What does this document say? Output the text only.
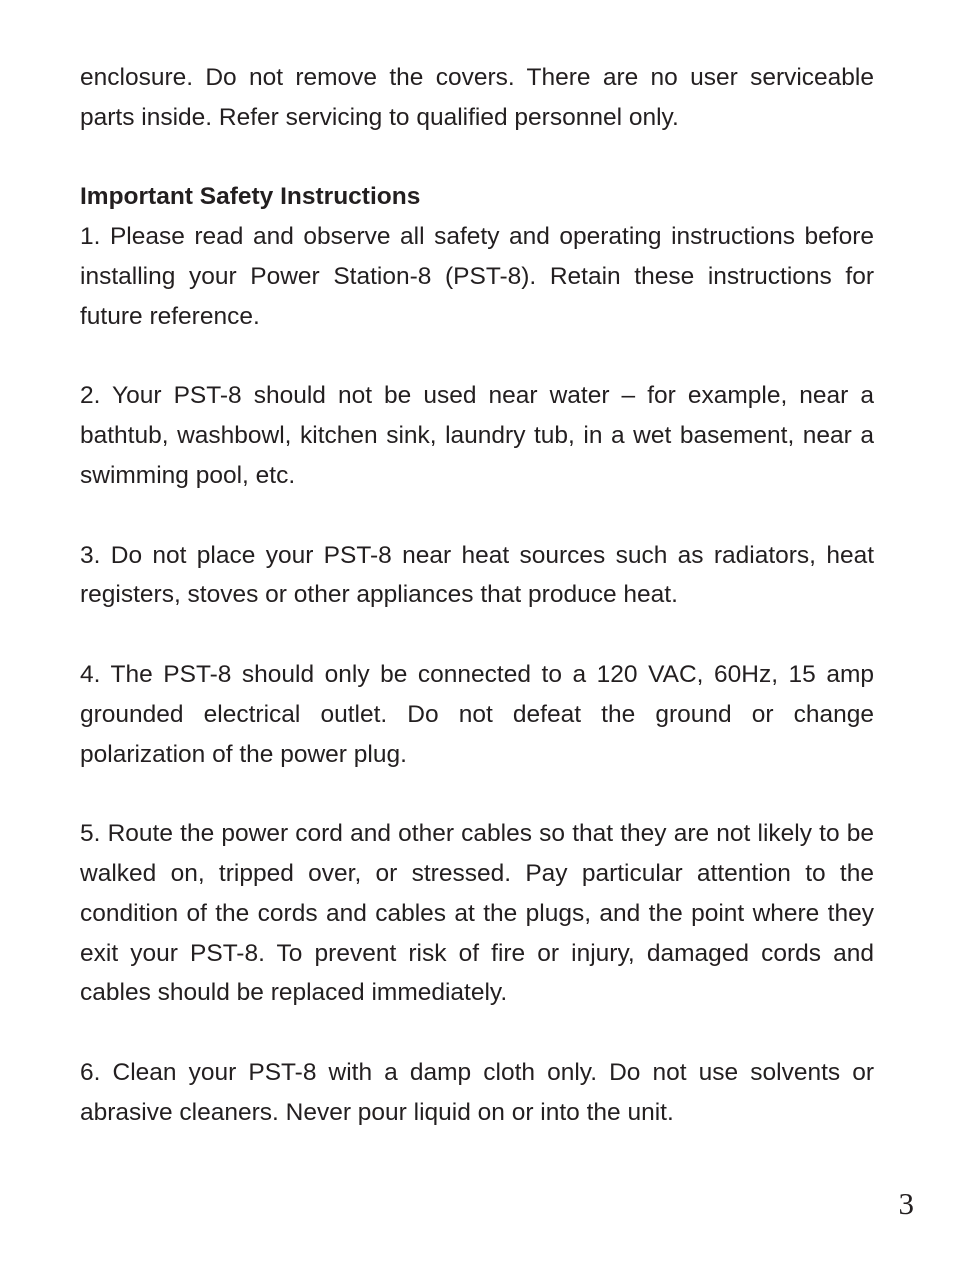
enclosure. Do not remove the covers. There are no user serviceable parts inside. Refer servicing to qualified personnel only.

Important Safety Instructions

1. Please read and observe all safety and operating instructions before installing your Power Station-8 (PST-8). Retain these instructions for future reference.

2. Your PST-8 should not be used near water – for example, near a bathtub, washbowl, kitchen sink, laundry tub, in a wet basement, near a swimming pool, etc.

3. Do not place your PST-8 near heat sources such as radiators, heat registers, stoves or other appliances that produce heat.

4. The PST-8 should only be connected to a 120 VAC, 60Hz, 15 amp grounded electrical outlet. Do not defeat the ground or change polarization of the power plug.

5. Route the power cord and other cables so that they are not likely to be walked on, tripped over, or stressed. Pay particular attention to the condition of the cords and cables at the plugs, and the point where they exit your PST-8. To prevent risk of fire or injury, damaged cords and cables should be replaced immediately.

6. Clean your PST-8 with a damp cloth only. Do not use solvents or abrasive cleaners. Never pour liquid on or into the unit.

3
